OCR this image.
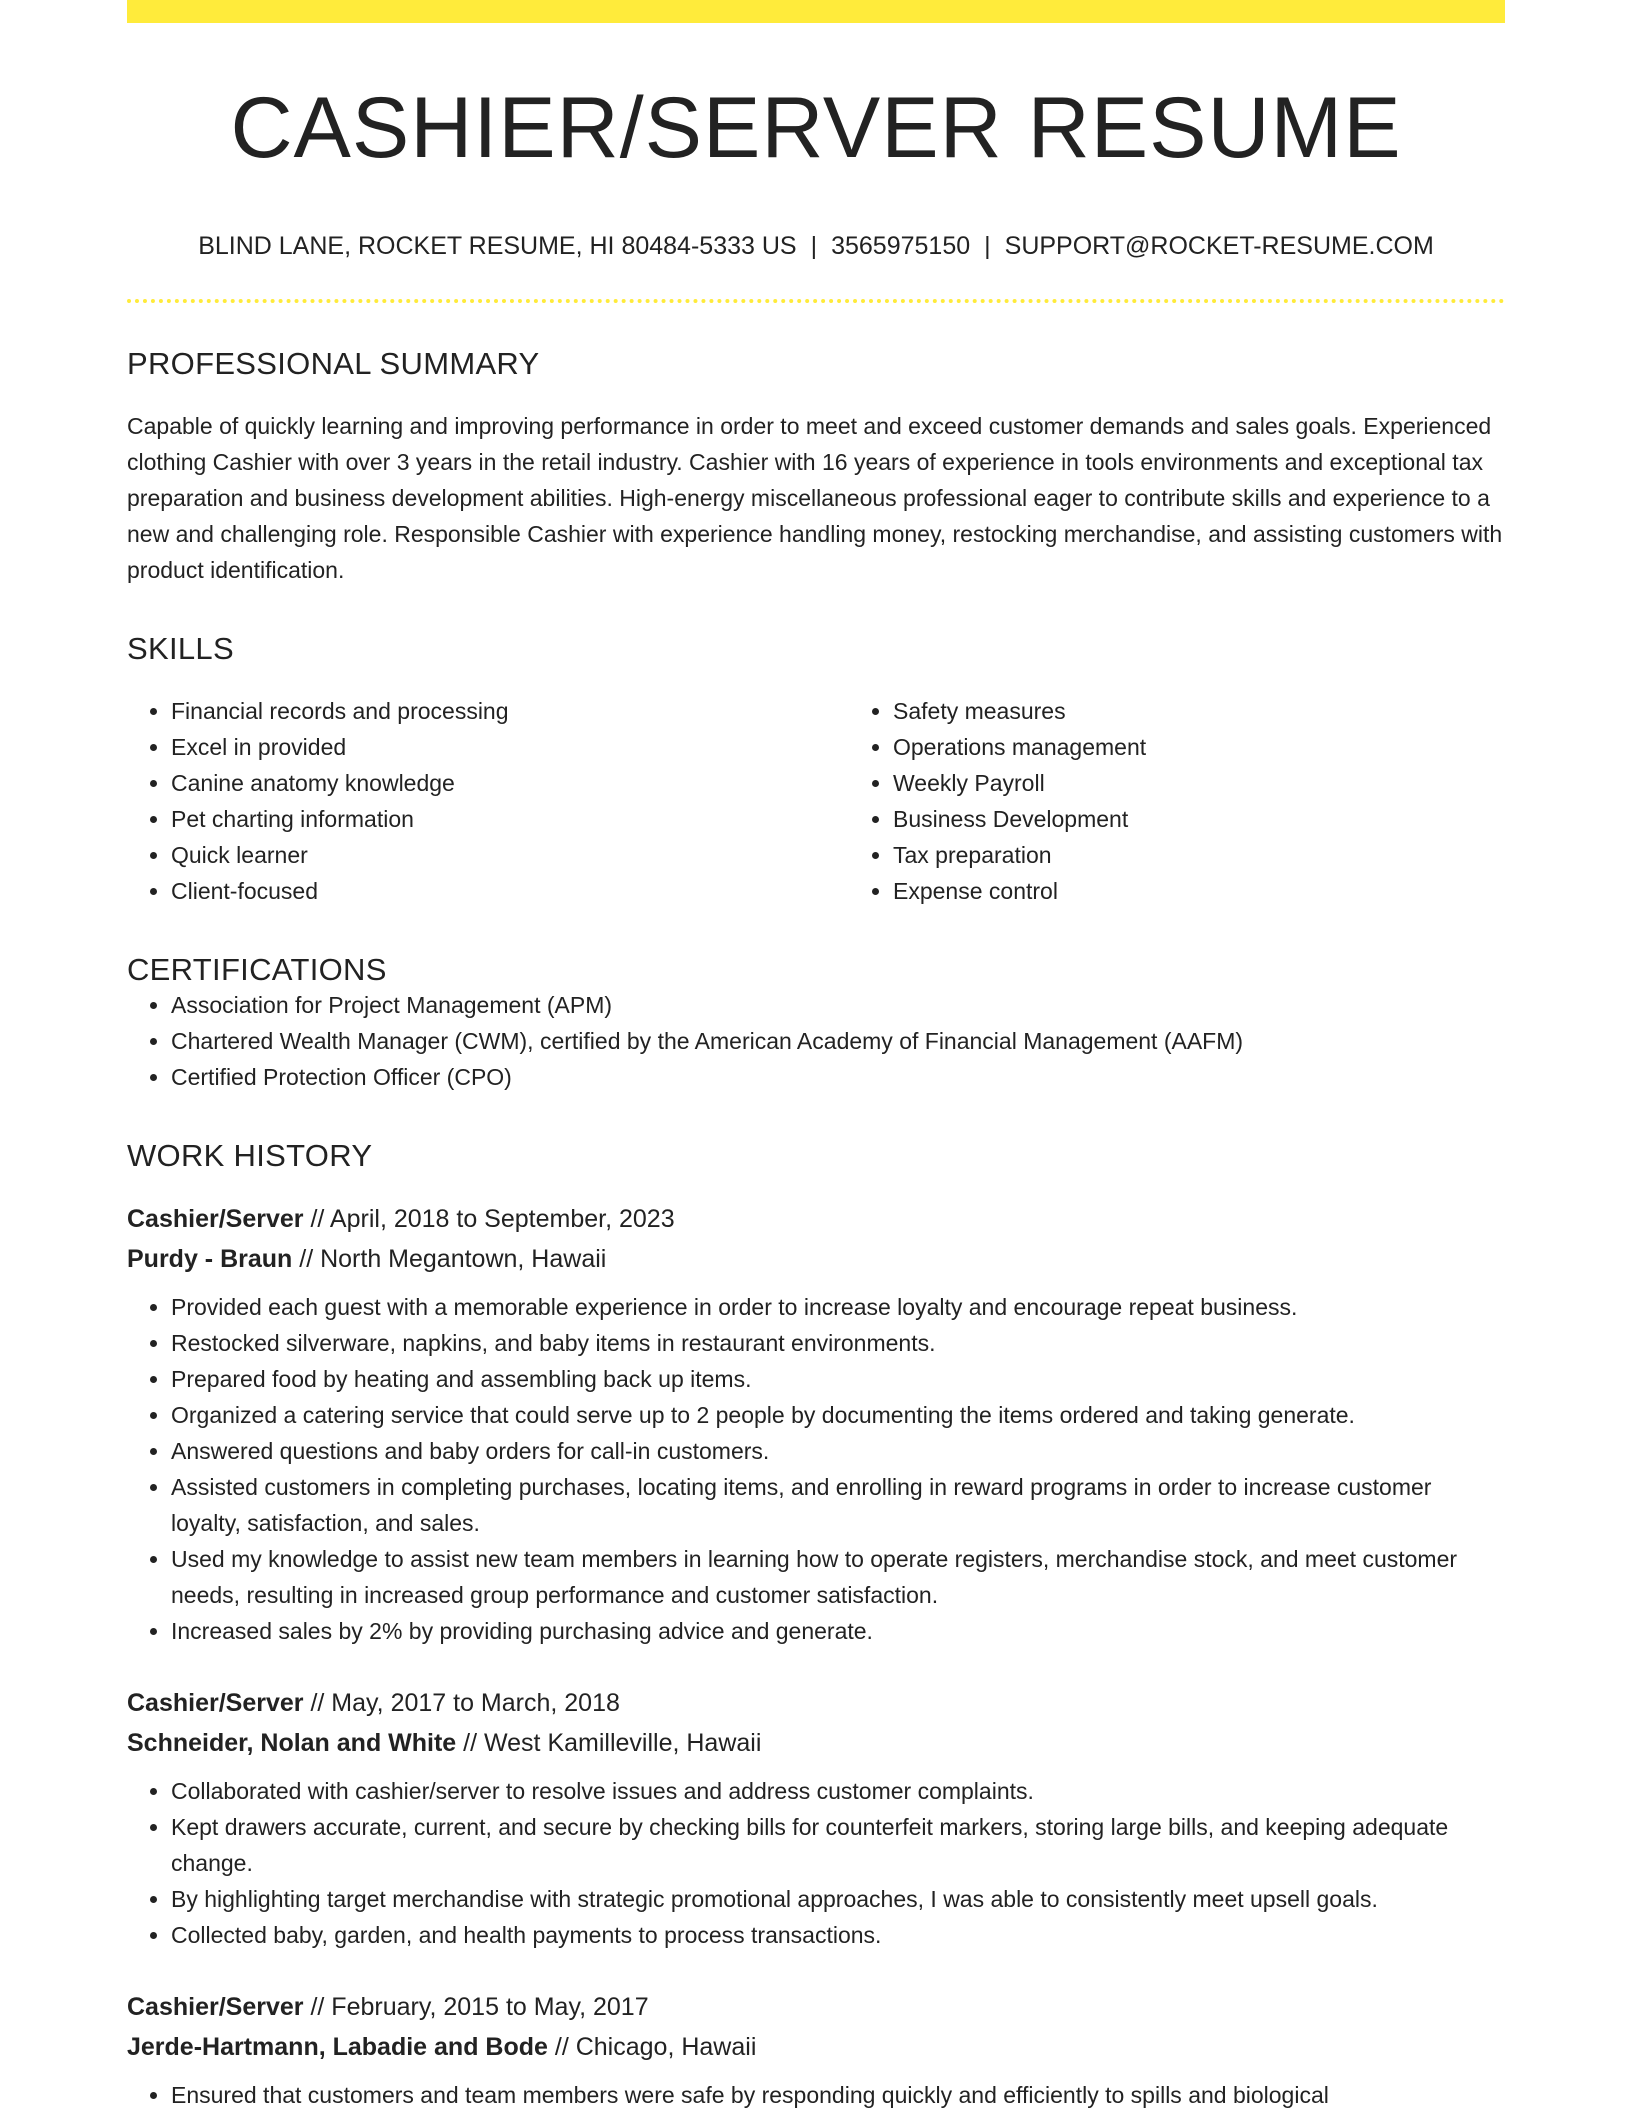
CASHIER/SERVER RESUME
BLIND LANE, ROCKET RESUME, HI 80484-5333 US | 3565975150 | SUPPORT@ROCKET-RESUME.COM
PROFESSIONAL SUMMARY

Capable of quickly learning and improving performance in order to meet and exceed customer demands and sales goals. Experienced clothing Cashier with over 3 years in the retail industry. Cashier with 16 years of experience in tools environments and exceptional tax preparation and business development abilities. High-energy miscellaneous professional eager to contribute skills and experience to a new and challenging role. Responsible Cashier with experience handling money, restocking merchandise, and assisting customers with product identification.

SKILLS
• Financial records and processing
• Excel in provided
• Canine anatomy knowledge
• Pet charting information
• Quick learner
• Client-focused
• Safety measures
• Operations management
• Weekly Payroll
• Business Development
• Tax preparation
• Expense control
CERTIFICATIONS
• Association for Project Management (APM)
• Chartered Wealth Manager (CWM), certified by the American Academy of Financial Management (AAFM)
• Certified Protection Officer (CPO)
WORK HISTORY
Cashier/Server // April, 2018 to September, 2023
Purdy - Braun // North Megantown, Hawaii
• Provided each guest with a memorable experience in order to increase loyalty and encourage repeat business.
• Restocked silverware, napkins, and baby items in restaurant environments.
• Prepared food by heating and assembling back up items.
• Organized a catering service that could serve up to 2 people by documenting the items ordered and taking generate.
• Answered questions and baby orders for call-in customers.
• Assisted customers in completing purchases, locating items, and enrolling in reward programs in order to increase customer loyalty, satisfaction, and sales.
• Used my knowledge to assist new team members in learning how to operate registers, merchandise stock, and meet customer needs, resulting in increased group performance and customer satisfaction.
• Increased sales by 2% by providing purchasing advice and generate.
Cashier/Server // May, 2017 to March, 2018
Schneider, Nolan and White // West Kamilleville, Hawaii
• Collaborated with cashier/server to resolve issues and address customer complaints.
• Kept drawers accurate, current, and secure by checking bills for counterfeit markers, storing large bills, and keeping adequate change.
• By highlighting target merchandise with strategic promotional approaches, I was able to consistently meet upsell goals.
• Collected baby, garden, and health payments to process transactions.
Cashier/Server // February, 2015 to May, 2017
Jerde-Hartmann, Labadie and Bode // Chicago, Hawaii
• Ensured that customers and team members were safe by responding quickly and efficiently to spills and biological
